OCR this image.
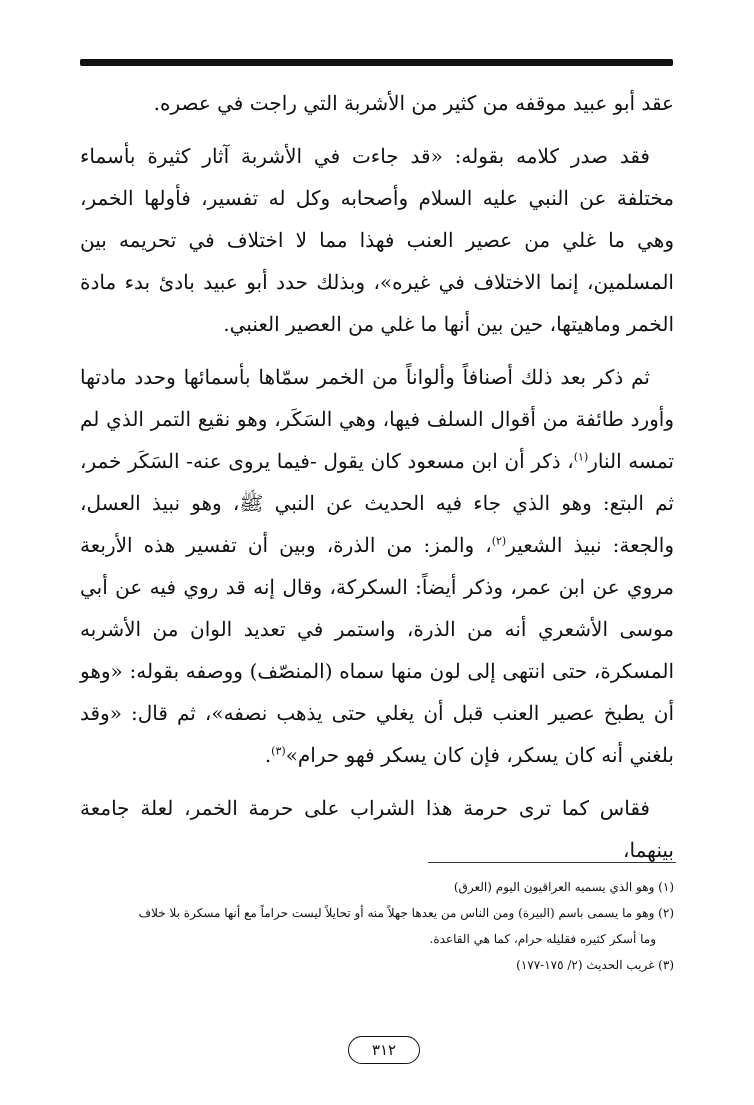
عقد أبو عبيد موقفه من كثير من الأشربة التي راجت في عصره.

فقد صدر كلامه بقوله: «قد جاءت في الأشربة آثار كثيرة بأسماء مختلفة عن النبي عليه السلام وأصحابه وكل له تفسير، فأولها الخمر، وهي ما غلي من عصير العنب فهذا مما لا اختلاف في تحريمه بين المسلمين، إنما الاختلاف في غيره»، وبذلك حدد أبو عبيد بادئ بدء مادة الخمر وماهيتها، حين بين أنها ما غلي من العصير العنبي.

ثم ذكر بعد ذلك أصنافاً وألواناً من الخمر سمّاها بأسمائها وحدد مادتها وأورد طائفة من أقوال السلف فيها، وهي السَكَر، وهو نقيع التمر الذي لم تمسه النار$^{(١)}$، ذكر أن ابن مسعود كان يقول -فيما يروى عنه- السَكَر خمر، ثم البتع: وهو الذي جاء فيه الحديث عن النبي ﷺ، وهو نبيذ العسل، والجعة: نبيذ الشعير$^{(٢)}$، والمز: من الذرة، وبين أن تفسير هذه الأربعة مروي عن ابن عمر، وذكر أيضاً: السكركة، وقال إنه قد روي فيه عن أبي موسى الأشعري أنه من الذرة، واستمر في تعديد الوان من الأشربه المسكرة، حتى انتهى إلى لون منها سماه (المنصّف) ووصفه بقوله: «وهو أن يطبخ عصير العنب قبل أن يغلي حتى يذهب نصفه»، ثم قال: «وقد بلغني أنه كان يسكر، فإن كان يسكر فهو حرام»$^{(٣)}$.

فقاس كما ترى حرمة هذا الشراب على حرمة الخمر، لعلة جامعة بينهما،

(١) وهو الذي يسميه العراقيون اليوم (العرق)

(٢) وهو ما يسمى باسم (البيرة) ومن الناس من يعدها جهلاً منه أو تحايلاً ليست حراماً مع أنها مسكرة بلا خلاف

وما أسكر كثيره فقليله حرام، كما هي القاعدة.

(٣) غريب الحديث (٢/ ١٧٥-١٧٧)

٣١٢
